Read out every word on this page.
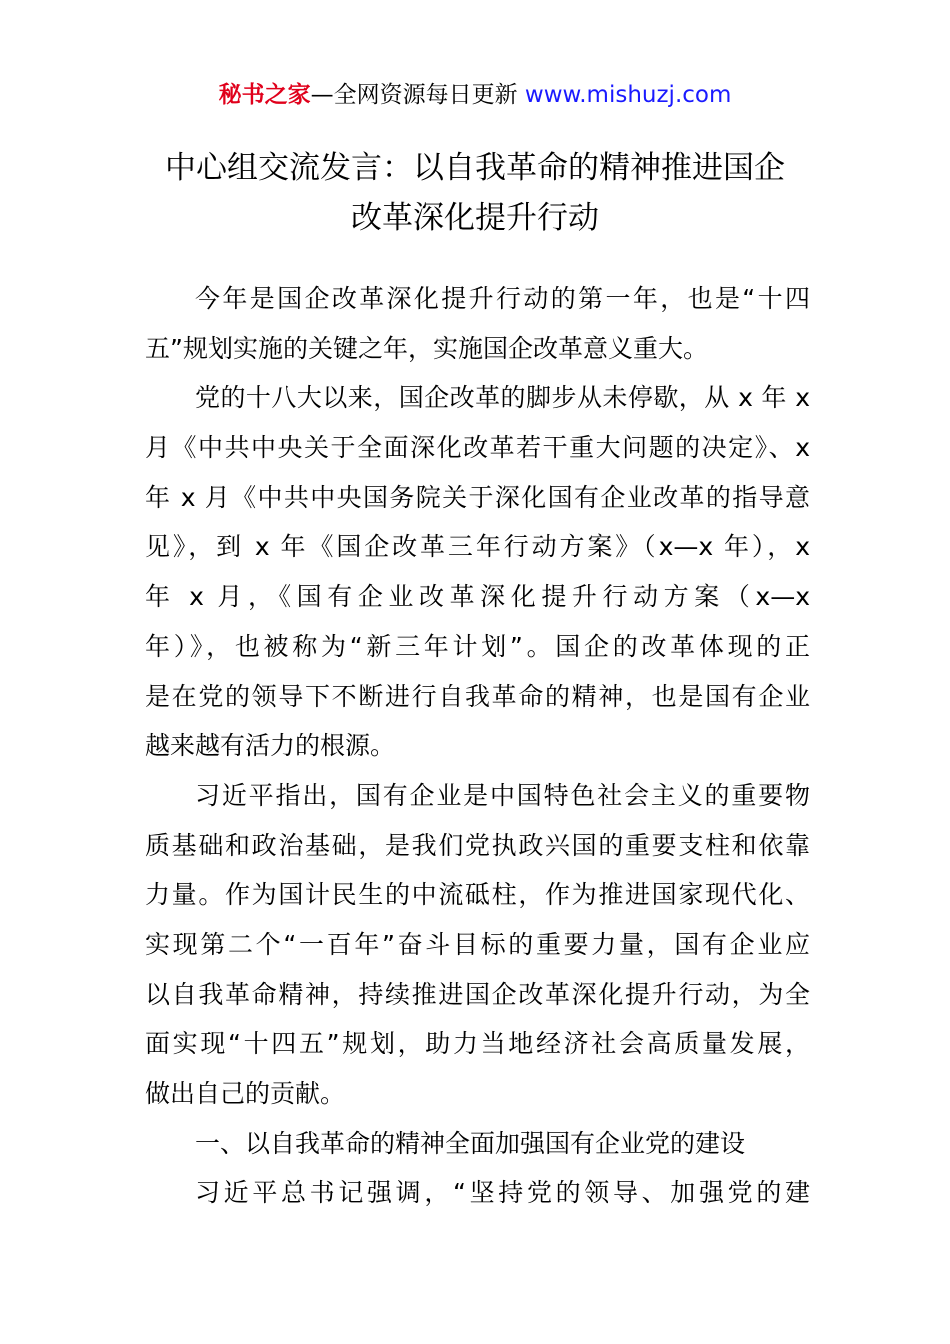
秘书之家—全网资源每日更新 www.mishuzj.com
中心组交流发言：以自我革命的精神推进国企
改革深化提升行动
今年是国企改革深化提升行动的第一年，也是“十四
五”规划实施的关键之年，实施国企改革意义重大。
党的十八大以来，国企改革的脚步从未停歇，从 x 年 x
月《中共中央关于全面深化改革若干重大问题的决定》、x
年 x 月《中共中央国务院关于深化国有企业改革的指导意
见》，到 x 年《国企改革三年行动方案》（x—x 年），x
年 x 月，《国有企业改革深化提升行动方案（x—x
年）》，也被称为“新三年计划”。国企的改革体现的正
是在党的领导下不断进行自我革命的精神，也是国有企业
越来越有活力的根源。
习近平指出，国有企业是中国特色社会主义的重要物
质基础和政治基础，是我们党执政兴国的重要支柱和依靠
力量。作为国计民生的中流砥柱，作为推进国家现代化、
实现第二个“一百年”奋斗目标的重要力量，国有企业应
以自我革命精神，持续推进国企改革深化提升行动，为全
面实现“十四五”规划，助力当地经济社会高质量发展，
做出自己的贡献。
一、以自我革命的精神全面加强国有企业党的建设
习近平总书记强调，“坚持党的领导、加强党的建
